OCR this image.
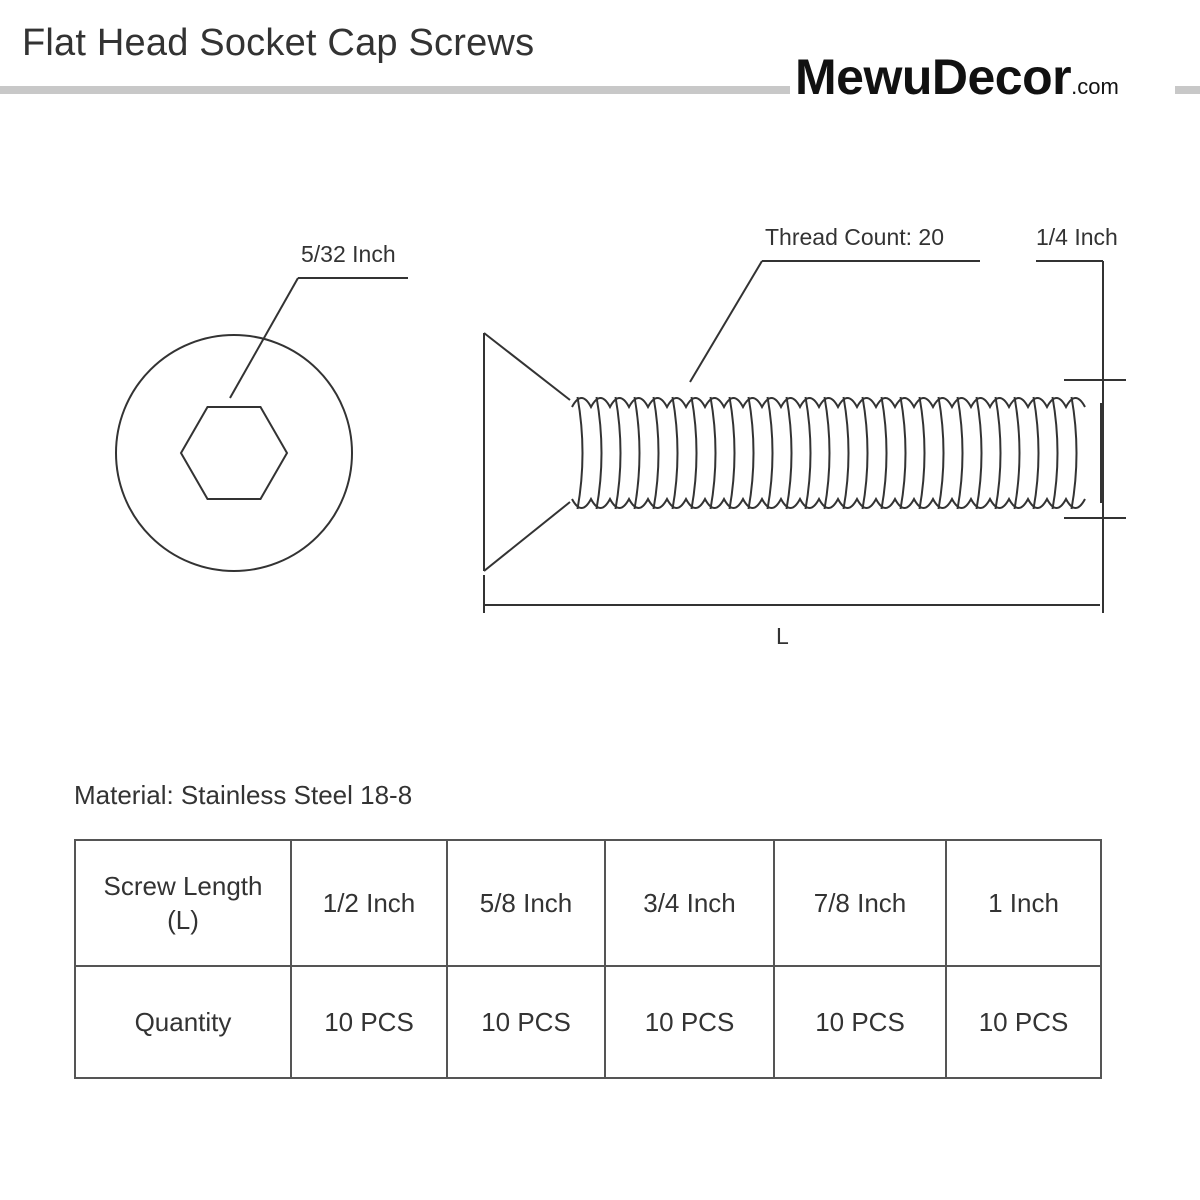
Flat Head Socket Cap Screws
MewuDecor.com
5/32 Inch
Thread Count: 20	1/4 Inch
L
Material: Stainless Steel 18-8
Screw Length
(L)	1/2 Inch	5/8 Inch	3/4 Inch	7/8 Inch	1 Inch
Quantity	10 PCS	10 PCS	10 PCS	10 PCS	10 PCS
